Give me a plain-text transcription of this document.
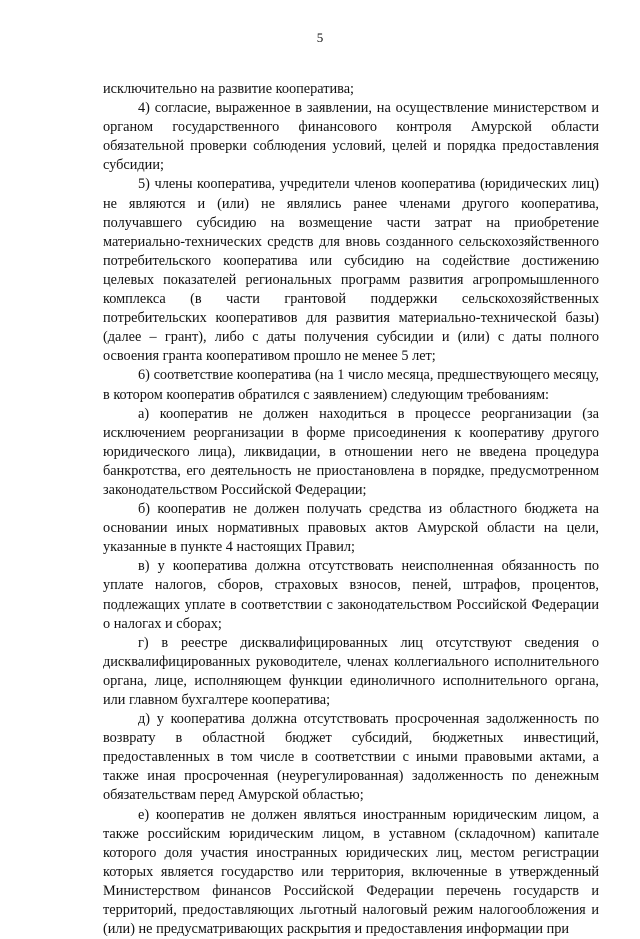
5

исключительно на развитие кооператива;

4) согласие, выраженное в заявлении, на осуществление министерством и органом государственного финансового контроля Амурской области обязательной проверки соблюдения условий, целей и порядка предоставления субсидии;

5) члены кооператива, учредители членов кооператива (юридических лиц) не являются и (или) не являлись ранее членами другого кооператива, получавшего субсидию на возмещение части затрат на приобретение материально-технических средств для вновь созданного сельскохозяйственного потребительского кооператива или субсидию на содействие достижению целевых показателей региональных программ развития агропромышленного комплекса (в части грантовой поддержки сельскохозяйственных потребительских кооперативов для развития материально-технической базы) (далее – грант), либо с даты получения субсидии и (или) с даты полного освоения гранта кооперативом прошло не менее 5 лет;

6) соответствие кооператива (на 1 число месяца, предшествующего месяцу, в котором кооператив обратился с заявлением) следующим требованиям:

а) кооператив не должен находиться в процессе реорганизации (за исключением реорганизации в форме присоединения к кооперативу другого юридического лица), ликвидации, в отношении него не введена процедура банкротства, его деятельность не приостановлена в порядке, предусмотренном законодательством Российской Федерации;

б) кооператив не должен получать средства из областного бюджета на основании иных нормативных правовых актов Амурской области на цели, указанные в пункте 4 настоящих Правил;

в) у кооператива должна отсутствовать неисполненная обязанность по уплате налогов, сборов, страховых взносов, пеней, штрафов, процентов, подлежащих уплате в соответствии с законодательством Российской Федерации о налогах и сборах;

г) в реестре дисквалифицированных лиц отсутствуют сведения о дисквалифицированных руководителе, членах коллегиального исполнительного органа, лице, исполняющем функции единоличного исполнительного органа, или главном бухгалтере кооператива;

д) у кооператива должна отсутствовать просроченная задолженность по возврату в областной бюджет субсидий, бюджетных инвестиций, предоставленных в том числе в соответствии с иными правовыми актами, а также иная просроченная (неурегулированная) задолженность по денежным обязательствам перед Амурской областью;

е) кооператив не должен являться иностранным юридическим лицом, а также российским юридическим лицом, в уставном (складочном) капитале которого доля участия иностранных юридических лиц, местом регистрации которых является государство или территория, включенные в утвержденный Министерством финансов Российской Федерации перечень государств и территорий, предоставляющих льготный налоговый режим налогообложения и (или) не предусматривающих раскрытия и предоставления информации при
